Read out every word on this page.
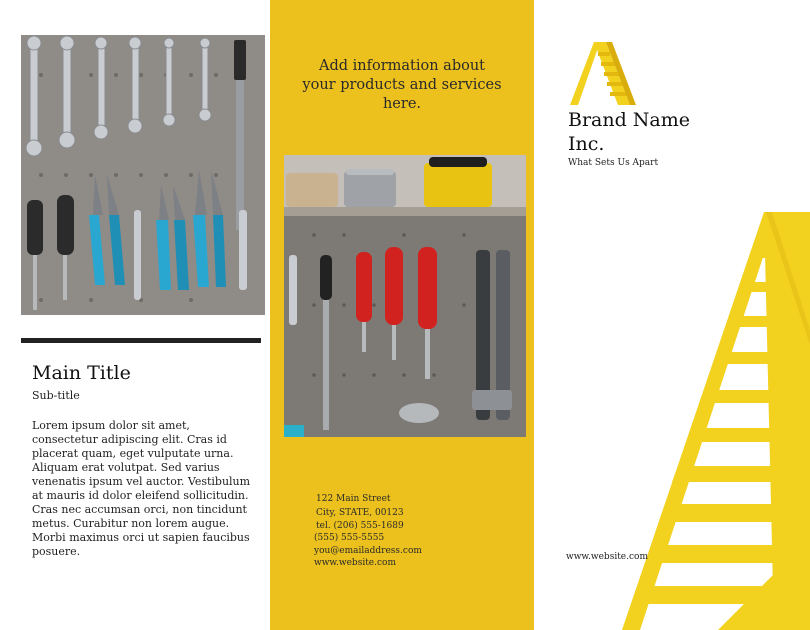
Main Title
Sub-title
Lorem ipsum dolor sit amet, consectetur adipiscing elit. Cras id placerat quam, eget vulputate urna. Aliquam erat volutpat. Sed varius venenatis ipsum vel auctor. Vestibulum at mauris id dolor eleifend sollicitudin. Cras nec accumsan orci, non tincidunt metus. Curabitur non lorem augue. Morbi maximus orci ut sapien faucibus posuere.
Add information about your products and services here.
122 Main Street
City, STATE, 00123
tel. (206) 555-1689
(555) 555-5555
you@emailaddress.com
www.website.com
Brand Name Inc.
What Sets Us Apart
www.website.com
